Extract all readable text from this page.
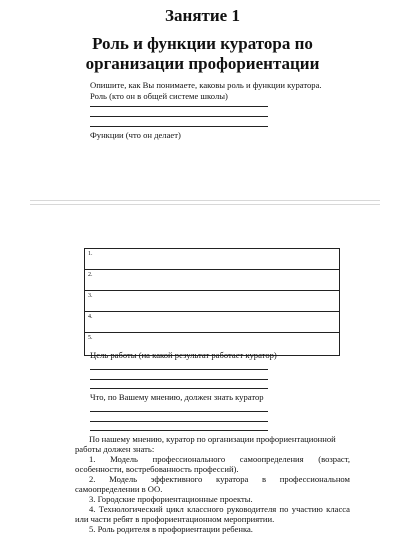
Занятие 1
Роль и функции куратора по
организации профориентации
Опишите, как Вы понимаете, каковы роль и функции куратора.
Роль (кто он в общей системе школы)
Функции (что он делает)
1.
2.
3.
4.
5.
Цель работы (на какой результат работает куратор)
Что, по Вашему мнению, должен знать куратор
По нашему мнению, куратор по организации профориентационной
работы должен знать:
1. Модель профессионального самоопределения (возраст, особенности, востребованность профессий).
2. Модель эффективного куратора в профессиональном самоопределении в ОО.
3. Городские профориентационные проекты.
4. Технологический цикл классного руководителя по участию класса или части ребят в профориентационном мероприятии.
5. Роль родителя в профориентации ребенка.
